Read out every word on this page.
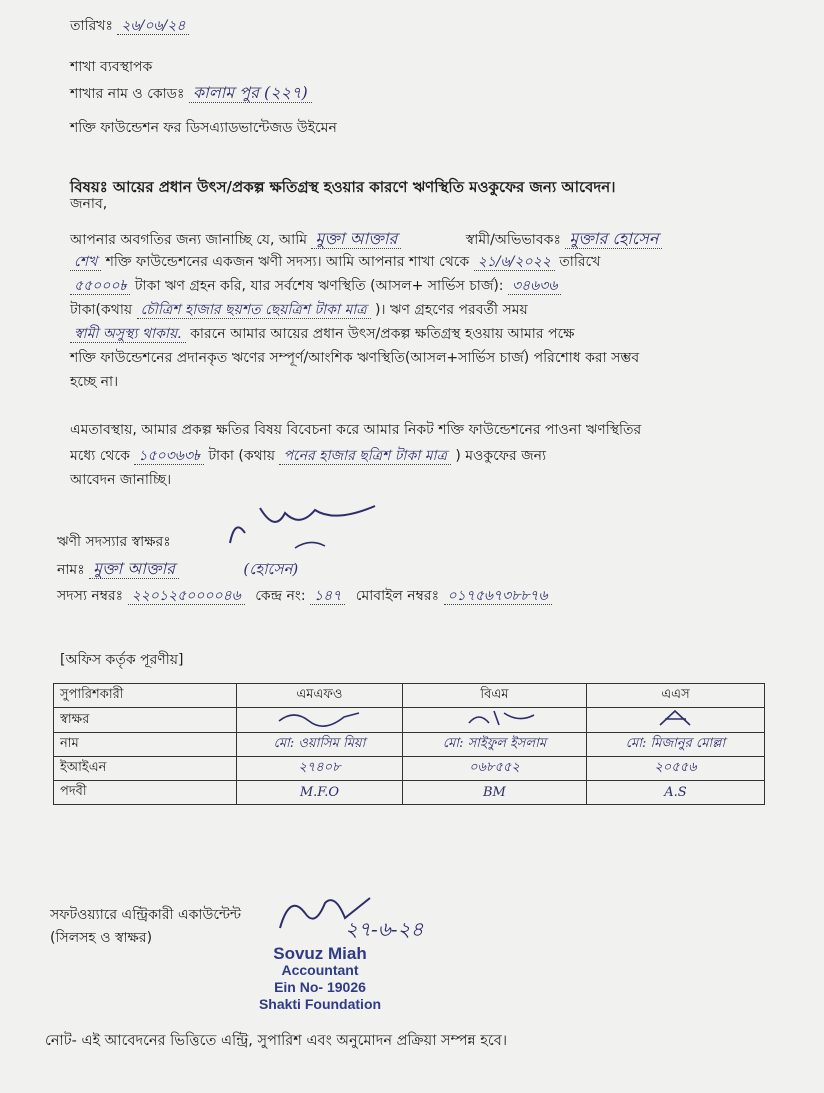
তারিখঃ ২৬/০৬/২৪
শাখা ব্যবস্থাপক
শাখার নাম ও কোডঃ কালাম পুর (২২৭)
শক্তি ফাউন্ডেশন ফর ডিসএ্যাডভান্টেজড উইমেন
বিষয়ঃ আয়ের প্রধান উৎস/প্রকল্প ক্ষতিগ্রস্থ হওয়ার কারণে ঋণস্থিতি মওকুফের জন্য আবেদন।
জনাব,
আপনার অবগতির জন্য জানাচ্ছি যে, আমি মুক্তা আক্তার	স্বামী/অভিভাবকঃ মুক্তার হোসেন
শেখ শক্তি ফাউন্ডেশনের একজন ঋণী সদস্য। আমি আপনার শাখা থেকে ২১/৬/২০২২ তারিখে
৫৫০০০৳ টাকা ঋণ গ্রহন করি, যার সর্বশেষ ঋণস্থিতি (আসল+ সার্ভিস চার্জ): ৩৪৬৩৬
টাকা(কথায় চৌত্রিশ হাজার ছয়শত ছেয়ত্রিশ টাকা মাত্র )। ঋণ গ্রহণের পরবর্তী সময়
স্বামী অসুস্থ্য থাকায়. কারনে আমার আয়ের প্রধান উৎস/প্রকল্প ক্ষতিগ্রস্থ হওয়ায় আমার পক্ষে
শক্তি ফাউন্ডেশনের প্রদানকৃত ঋণের সম্পূর্ণ/আংশিক ঋণস্থিতি(আসল+সার্ভিস চার্জ) পরিশোধ করা সম্ভব
হচ্ছে না।
এমতাবস্থায়, আমার প্রকল্প ক্ষতির বিষয় বিবেচনা করে আমার নিকট শক্তি ফাউন্ডেশনের পাওনা ঋণস্থিতির
মধ্যে থেকে ১৫০৩৬৩৳ টাকা (কথায় পনের হাজার ছত্রিশ টাকা মাত্র ) মওকুফের জন্য
আবেদন জানাচ্ছি।
ঋণী সদস্যার স্বাক্ষরঃ
নামঃ মুক্তা আক্তার	(হোসেন)
সদস্য নম্বরঃ ২২০১২৫০০০০৪৬ কেন্দ্র নং: ১৪৭ মোবাইল নম্বরঃ ০১৭৫৬৭৩৮৮৭৬
[অফিস কর্তৃক পূরণীয়]
সুপারিশকারী	এমএফও	বিএম	এএস
স্বাক্ষর			
নাম	মো: ওয়াসিম মিয়া	মো: সাইফুল ইসলাম	মো: মিজানুর মোল্লা
ইআইএন	২৭৪০৮	০৬৮৫৫২	২০৫৫৬
পদবী	M.F.O	BM	A.S
সফটওয়্যারে এন্ট্রিকারী একাউন্টেন্ট
(সিলসহ ও স্বাক্ষর)	২৭-৬-২৪
Sovuz Miah
Accountant
Ein No- 19026
Shakti Foundation
নোট- এই আবেদনের ভিত্তিতে এন্ট্রি, সুপারিশ এবং অনুমোদন প্রক্রিয়া সম্পন্ন হবে।
